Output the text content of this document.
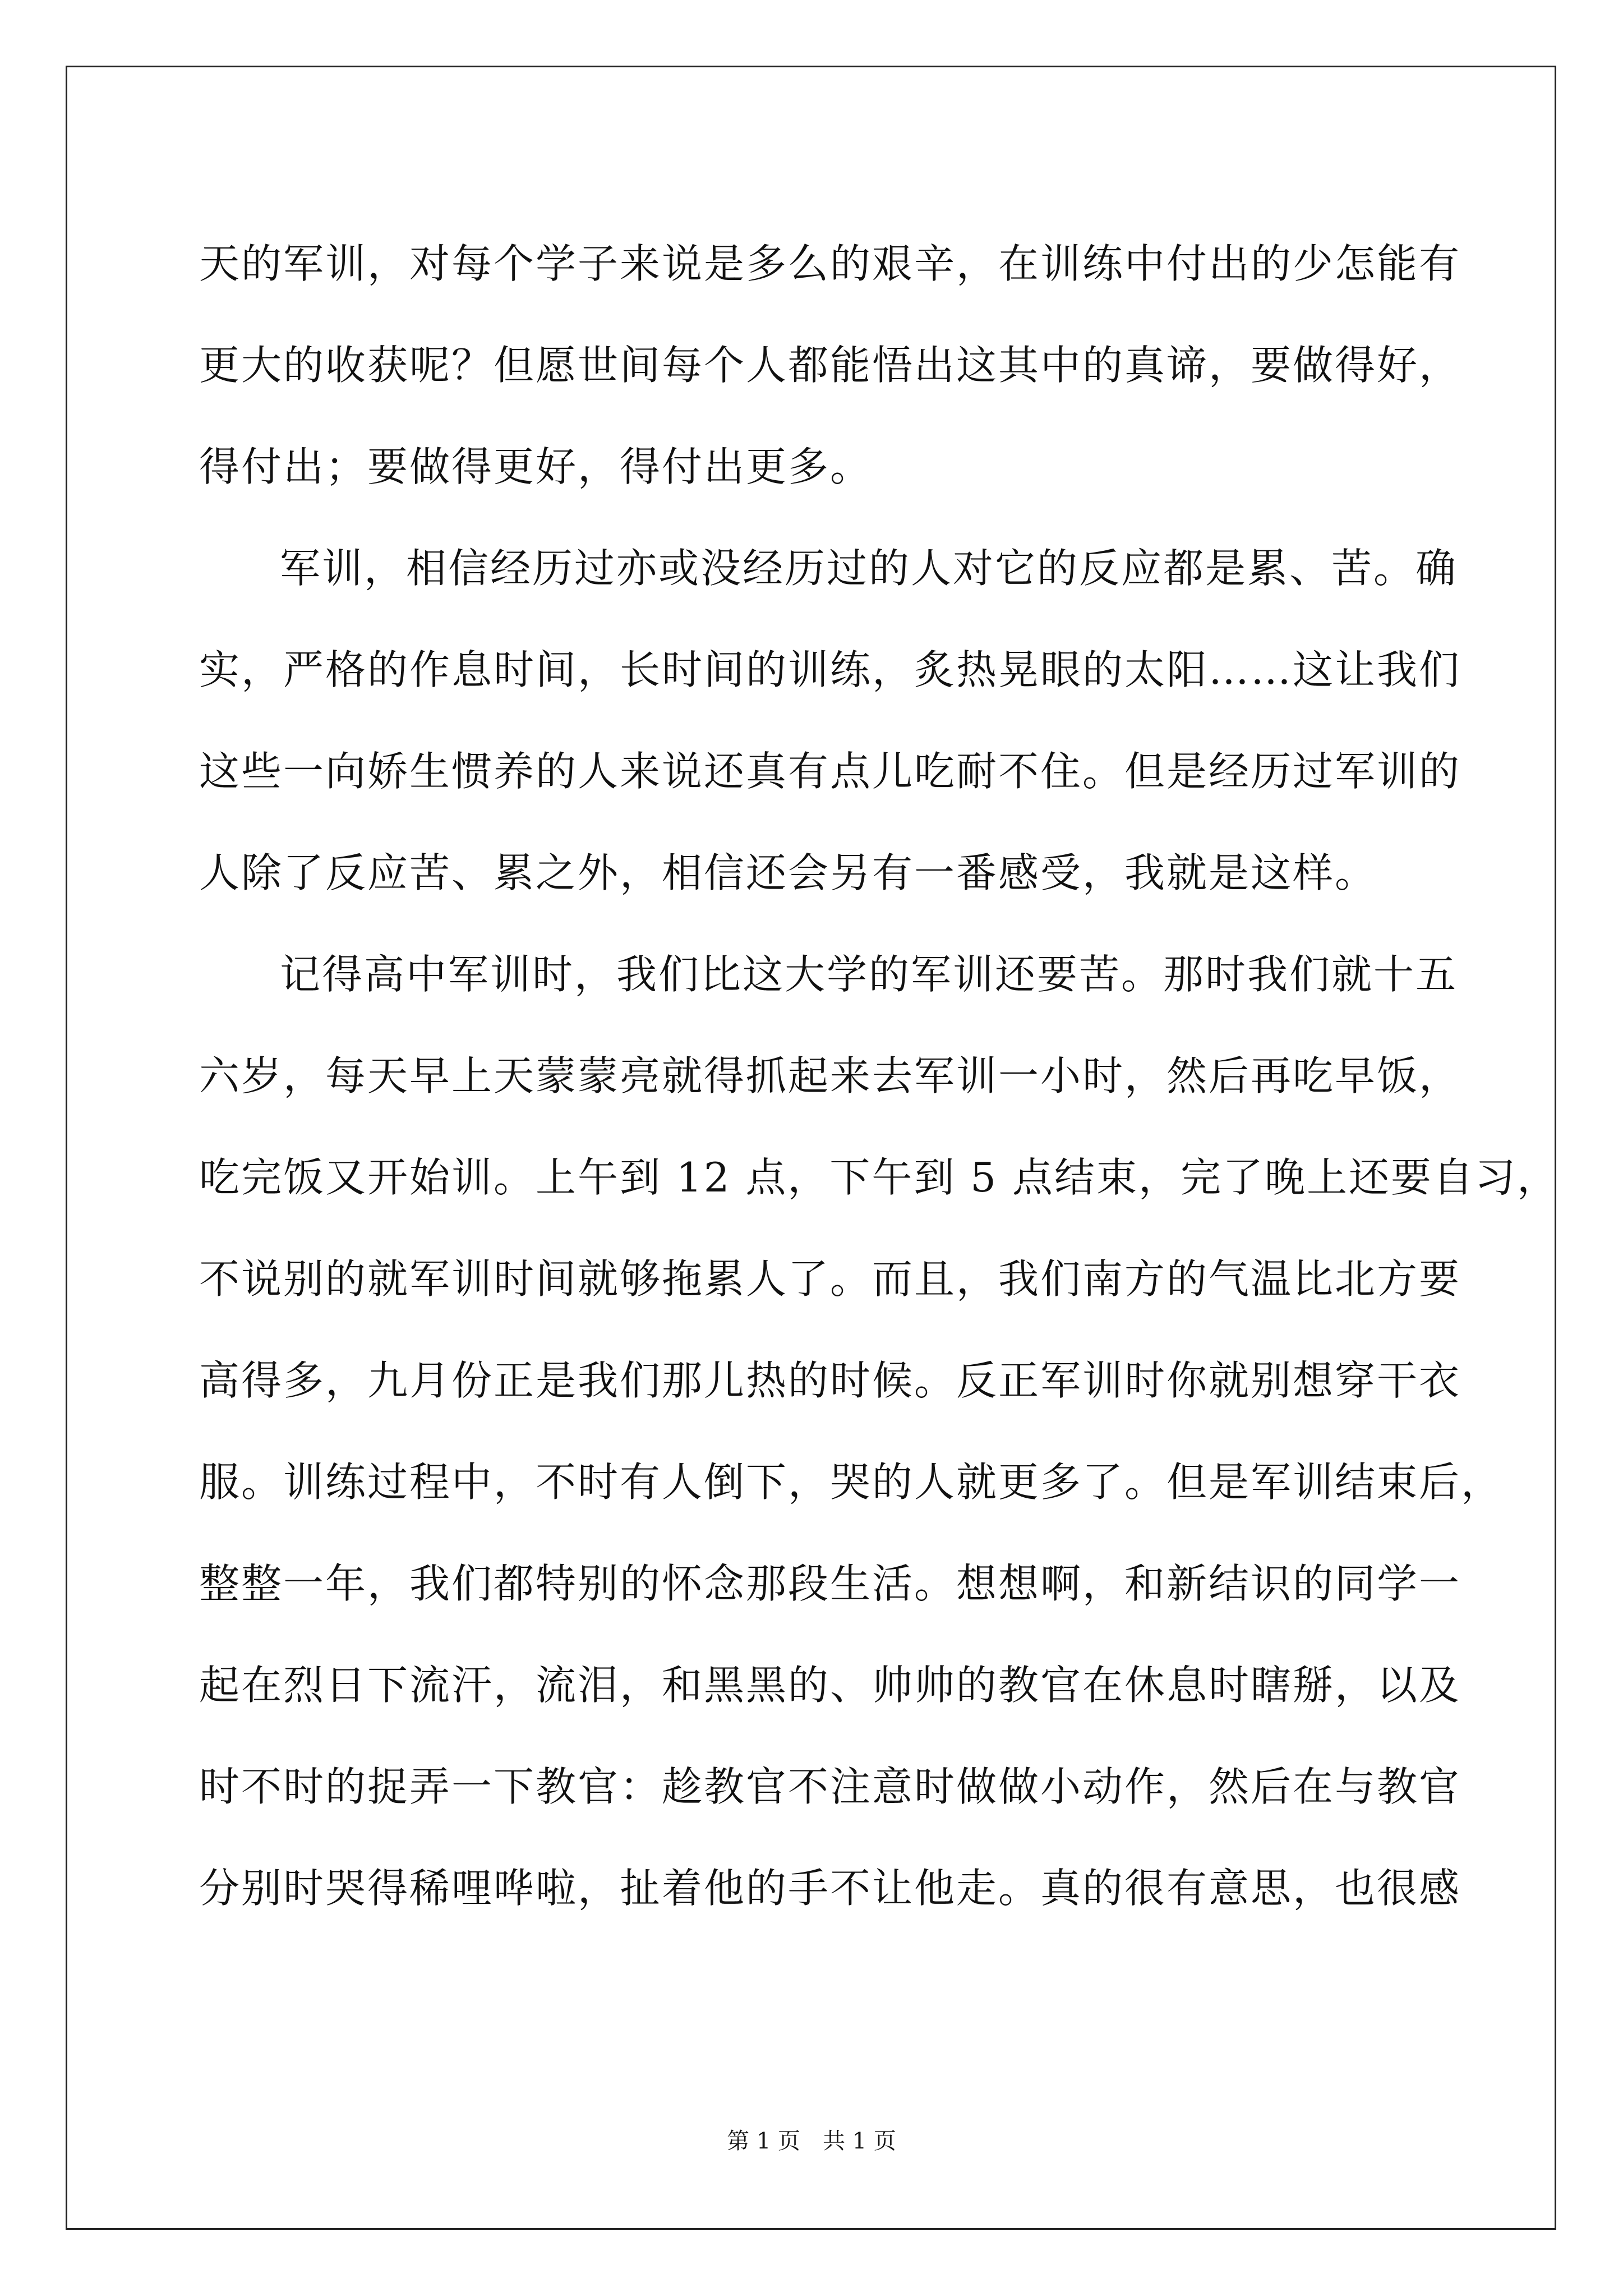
天的军训，对每个学子来说是多么的艰辛，在训练中付出的少怎能有
更大的收获呢？但愿世间每个人都能悟出这其中的真谛，要做得好，
得付出；要做得更好，得付出更多。
军训，相信经历过亦或没经历过的人对它的反应都是累、苦。确
实，严格的作息时间，长时间的训练，炙热晃眼的太阳……这让我们
这些一向娇生惯养的人来说还真有点儿吃耐不住。但是经历过军训的
人除了反应苦、累之外，相信还会另有一番感受，我就是这样。
记得高中军训时，我们比这大学的军训还要苦。那时我们就十五
六岁，每天早上天蒙蒙亮就得抓起来去军训一小时，然后再吃早饭，
吃完饭又开始训。上午到 12 点，下午到 5 点结束，完了晚上还要自习，
不说别的就军训时间就够拖累人了。而且，我们南方的气温比北方要
高得多，九月份正是我们那儿热的时候。反正军训时你就别想穿干衣
服。训练过程中，不时有人倒下，哭的人就更多了。但是军训结束后，
整整一年，我们都特别的怀念那段生活。想想啊，和新结识的同学一
起在烈日下流汗，流泪，和黑黑的、帅帅的教官在休息时瞎掰，以及
时不时的捉弄一下教官：趁教官不注意时做做小动作，然后在与教官
分别时哭得稀哩哗啦，扯着他的手不让他走。真的很有意思，也很感
第 1 页　共 1 页
